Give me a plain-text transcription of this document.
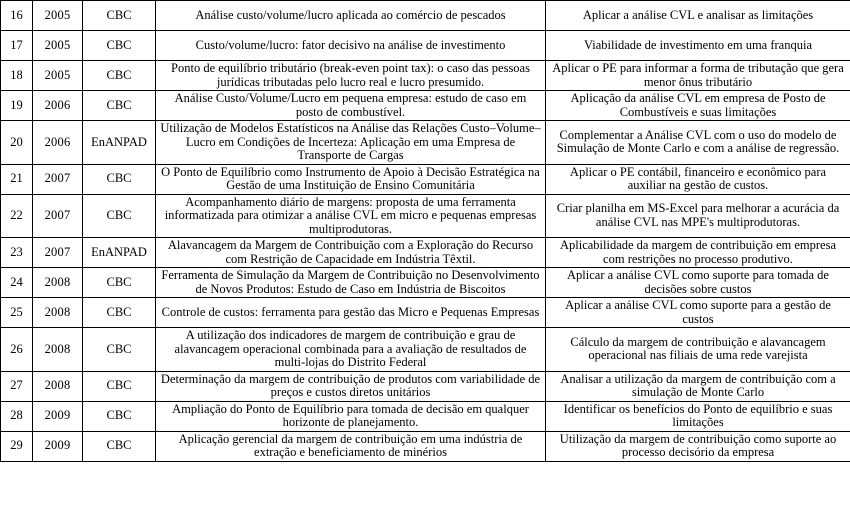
16	2005	CBC	Análise custo/volume/lucro aplicada ao comércio de pescados	Aplicar a análise CVL e analisar as limitações
17	2005	CBC	Custo/volume/lucro: fator decisivo na análise de investimento	Viabilidade de investimento em uma franquia
18	2005	CBC	Ponto de equilíbrio tributário (break-even point tax): o caso das pessoas jurídicas tributadas pelo lucro real e lucro presumido.	Aplicar o PE para informar a forma de tributação que gera menor ônus tributário
19	2006	CBC	Análise Custo/Volume/Lucro em pequena empresa: estudo de caso em posto de combustível.	Aplicação da análise CVL em empresa de Posto de Combustíveis e suas limitações
20	2006	EnANPAD	Utilização de Modelos Estatísticos na Análise das Relações Custo–Volume–Lucro em Condições de Incerteza: Aplicação em uma Empresa de Transporte de Cargas	Complementar a Análise CVL com o uso do modelo de Simulação de Monte Carlo e com a análise de regressão.
21	2007	CBC	O Ponto de Equilíbrio como Instrumento de Apoio à Decisão Estratégica na Gestão de uma Instituição de Ensino Comunitária	Aplicar o PE contábil, financeiro e econômico para auxiliar na gestão de custos.
22	2007	CBC	Acompanhamento diário de margens: proposta de uma ferramenta informatizada para otimizar a análise CVL em micro e pequenas empresas multiprodutoras.	Criar planilha em MS-Excel para melhorar a acurácia da análise CVL nas MPE's multiprodutoras.
23	2007	EnANPAD	Alavancagem da Margem de Contribuição com a Exploração do Recurso com Restrição de Capacidade em Indústria Têxtil.	Aplicabilidade da margem de contribuição em empresa com restrições no processo produtivo.
24	2008	CBC	Ferramenta de Simulação da Margem de Contribuição no Desenvolvimento de Novos Produtos: Estudo de Caso em Indústria de Biscoitos	Aplicar a análise CVL como suporte para tomada de decisões sobre custos
25	2008	CBC	Controle de custos: ferramenta para gestão das Micro e Pequenas Empresas	Aplicar a análise CVL como suporte para a gestão de custos
26	2008	CBC	A utilização dos indicadores de margem de contribuição e grau de alavancagem operacional combinada para a avaliação de resultados de multi-lojas do Distrito Federal	Cálculo da margem de contribuição e alavancagem operacional nas filiais de uma rede varejista
27	2008	CBC	Determinação da margem de contribuição de produtos com variabilidade de preços e custos diretos unitários	Analisar a utilização da margem de contribuição com a simulação de Monte Carlo
28	2009	CBC	Ampliação do Ponto de Equilíbrio para tomada de decisão em qualquer horizonte de planejamento.	Identificar os benefícios do Ponto de equilíbrio e suas limitações
29	2009	CBC	Aplicação gerencial da margem de contribuição em uma indústria de extração e beneficiamento de minérios	Utilização da margem de contribuição como suporte ao processo decisório da empresa
